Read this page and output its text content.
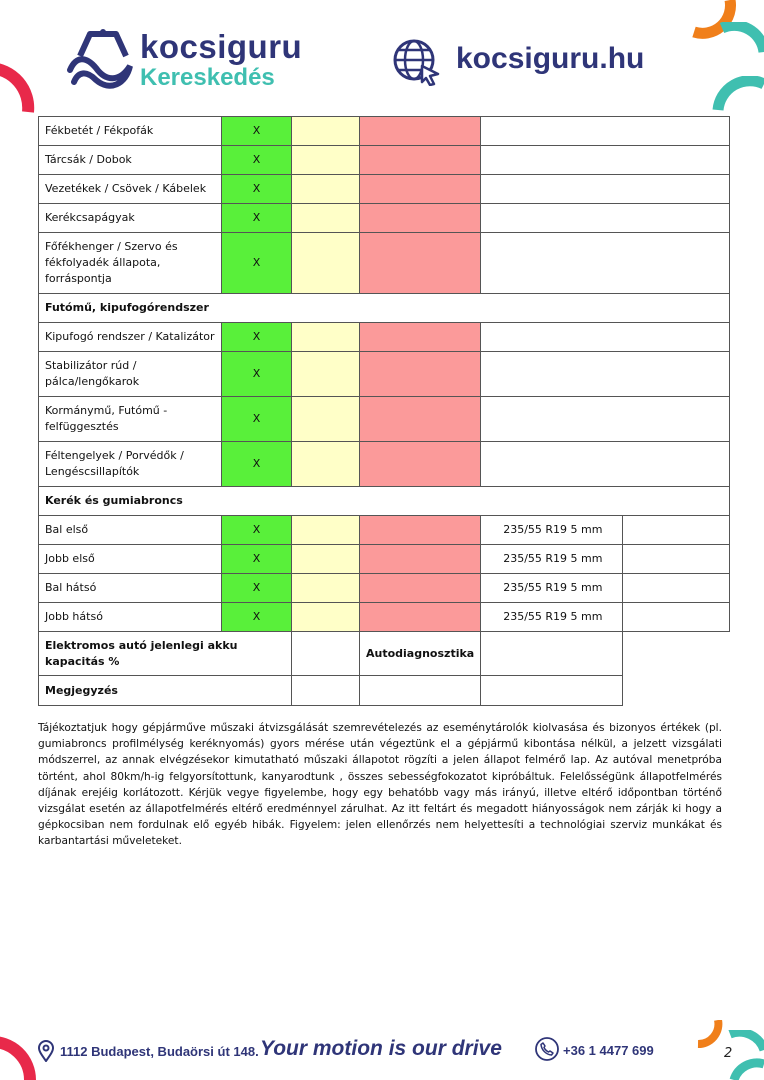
kocsiguru
Kereskedés
kocsiguru.hu
Fékbetét / Fékpofák	X				
Tárcsák / Dobok	X				
Vezetékek / Csövek / Kábelek	X				
Kerékcsapágyak	X				
Főfékhenger / Szervo és fékfolyadék állapota, forráspontja	X				
Futómű, kipufogórendszer					
Kipufogó rendszer / Katalizátor	X				
Stabilizátor rúd / pálca/lengőkarok	X				
Kormánymű, Futómű - felfüggesztés	X				
Féltengelyek / Porvédők / Lengéscsillapítók	X				
Kerék és gumiabroncs					
Bal első	X			235/55 R19 5 mm	
Jobb első	X			235/55 R19 5 mm	
Bal hátsó	X			235/55 R19 5 mm	
Jobb hátsó	X			235/55 R19 5 mm	
Elektromos autó jelenlegi akku kapacitás %			Autodiagnosztika		
Megjegyzés					
Tájékoztatjuk hogy gépjárműve műszaki átvizsgálását szemrevételezés az eseménytárolók kiolvasása és bizonyos értékek (pl. gumiabroncs profilmélység keréknyomás) gyors mérése után végeztünk el a gépjármű kibontása nélkül, a jelzett vizsgálati módszerrel, az annak elvégzésekor kimutatható műszaki állapotot rögzíti a jelen állapot felmérő lap. Az autóval menetpróba történt, ahol 80km/h-ig felgyorsítottunk, kanyarodtunk , összes sebességfokozatot kipróbáltuk. Felelősségünk állapotfelmérés díjának erejéig korlátozott. Kérjük vegye figyelembe, hogy egy behatóbb vagy más irányú, illetve eltérő időpontban történő vizsgálat esetén az állapotfelmérés eltérő eredménnyel zárulhat. Az itt feltárt és megadott hiányosságok nem zárják ki hogy a gépkocsiban nem fordulnak elő egyéb hibák. Figyelem: jelen ellenőrzés nem helyettesíti a technológiai szerviz munkákat és karbantartási műveleteket.
1112 Budapest, Budaörsi út 148. Your motion is our drive	+36 1 4477 699	2
